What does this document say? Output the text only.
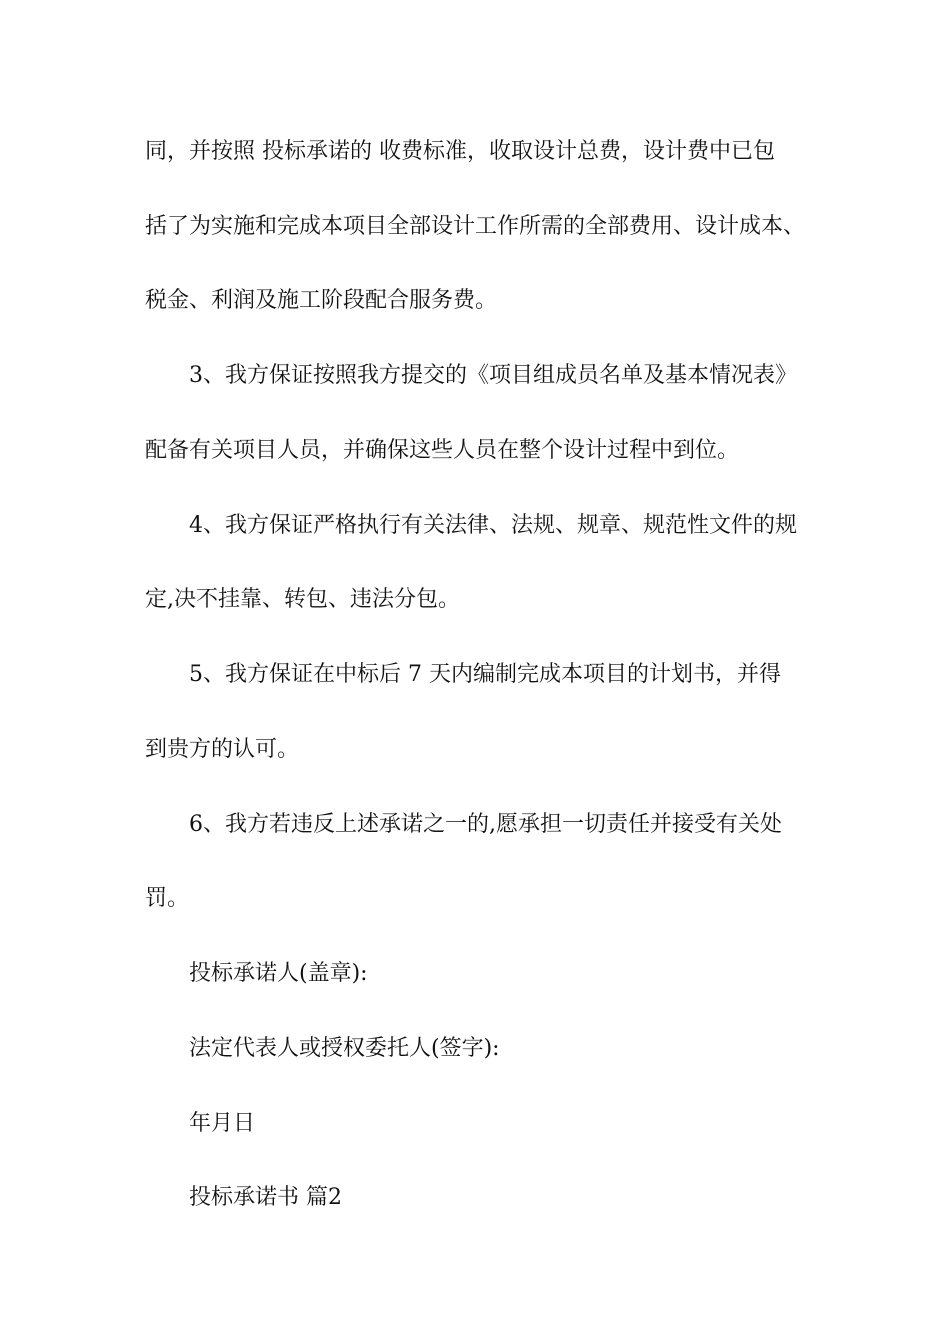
同，并按照 投标承诺的 收费标准，收取设计总费，设计费中已包
括了为实施和完成本项目全部设计工作所需的全部费用、设计成本、
税金、利润及施工阶段配合服务费。
3、我方保证按照我方提交的《项目组成员名单及基本情况表》
配备有关项目人员，并确保这些人员在整个设计过程中到位。
4、我方保证严格执行有关法律、法规、规章、规范性文件的规
定,决不挂靠、转包、违法分包。
5、我方保证在中标后 7 天内编制完成本项目的计划书，并得
到贵方的认可。
6、我方若违反上述承诺之一的,愿承担一切责任并接受有关处
罚。
投标承诺人(盖章):
法定代表人或授权委托人(签字):
年月日
投标承诺书 篇2
